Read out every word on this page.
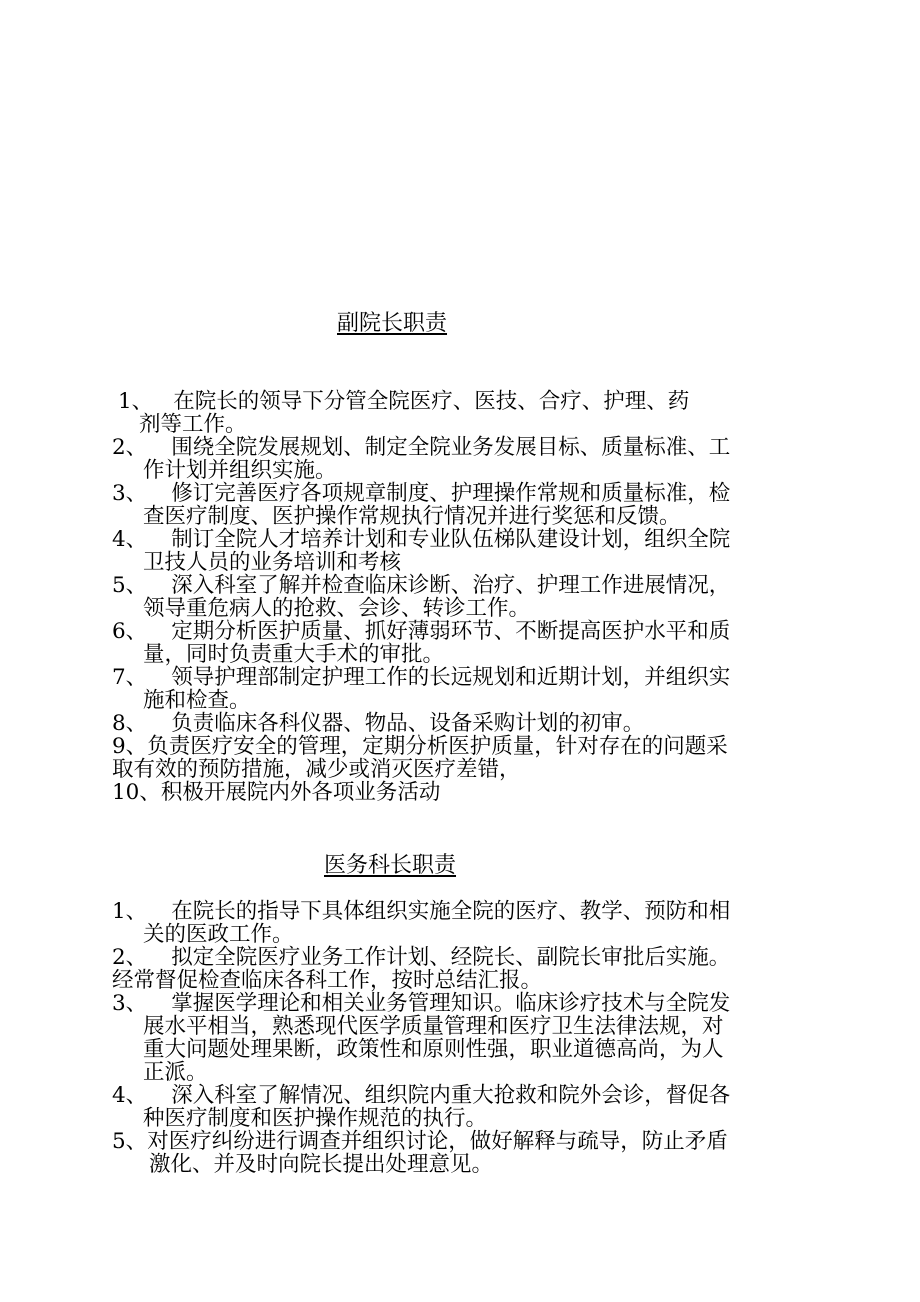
副院长职责
1、 在院长的领导下分管全院医疗、医技、合疗、护理、药
剂等工作。
2、 围绕全院发展规划、制定全院业务发展目标、质量标准、工
作计划并组织实施。
3、 修订完善医疗各项规章制度、护理操作常规和质量标准，检
查医疗制度、医护操作常规执行情况并进行奖惩和反馈。
4、 制订全院人才培养计划和专业队伍梯队建设计划，组织全院
卫技人员的业务培训和考核
5、 深入科室了解并检查临床诊断、治疗、护理工作进展情况，
领导重危病人的抢救、会诊、转诊工作。
6、 定期分析医护质量、抓好薄弱环节、不断提高医护水平和质
量，同时负责重大手术的审批。
7、 领导护理部制定护理工作的长远规划和近期计划，并组织实
施和检查。
8、 负责临床各科仪器、物品、设备采购计划的初审。
9、负责医疗安全的管理，定期分析医护质量，针对存在的问题采
取有效的预防措施，减少或消灭医疗差错，
10、积极开展院内外各项业务活动
医务科长职责
1、 在院长的指导下具体组织实施全院的医疗、教学、预防和相
关的医政工作。
2、 拟定全院医疗业务工作计划、经院长、副院长审批后实施。
经常督促检查临床各科工作，按时总结汇报。
3、 掌握医学理论和相关业务管理知识。临床诊疗技术与全院发
展水平相当，熟悉现代医学质量管理和医疗卫生法律法规，对
重大问题处理果断，政策性和原则性强，职业道德高尚，为人
正派。
4、 深入科室了解情况、组织院内重大抢救和院外会诊，督促各
种医疗制度和医护操作规范的执行。
5、对医疗纠纷进行调查并组织讨论，做好解释与疏导，防止矛盾
激化、并及时向院长提出处理意见。
